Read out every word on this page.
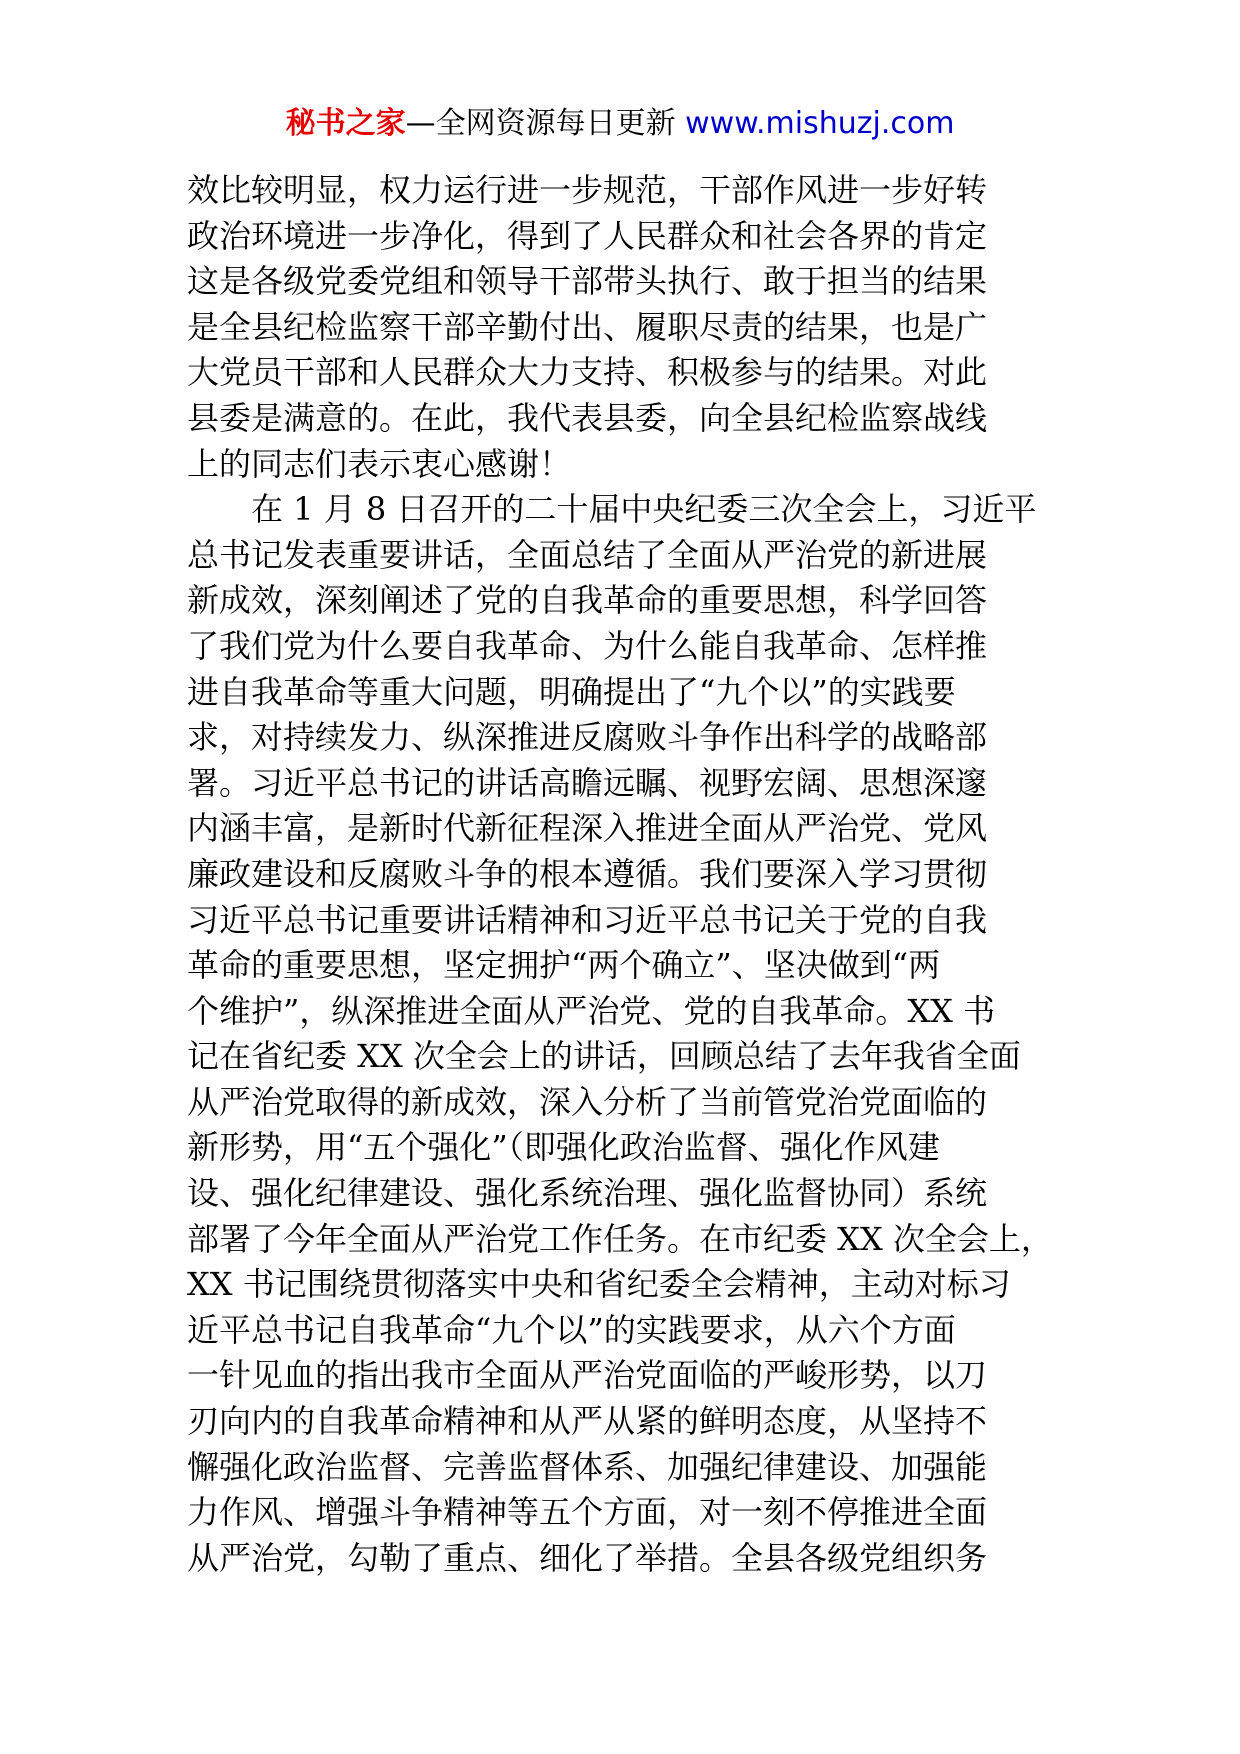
秘书之家—全网资源每日更新 www.mishuzj.com
效比较明显，权力运行进一步规范，干部作风进一步好转
政治环境进一步净化，得到了人民群众和社会各界的肯定
这是各级党委党组和领导干部带头执行、敢于担当的结果
是全县纪检监察干部辛勤付出、履职尽责的结果，也是广
大党员干部和人民群众大力支持、积极参与的结果。对此
县委是满意的。在此，我代表县委，向全县纪检监察战线
上的同志们表示衷心感谢！
在 1 月 8 日召开的二十届中央纪委三次全会上，习近平
总书记发表重要讲话，全面总结了全面从严治党的新进展
新成效，深刻阐述了党的自我革命的重要思想，科学回答
了我们党为什么要自我革命、为什么能自我革命、怎样推
进自我革命等重大问题，明确提出了“九个以”的实践要
求，对持续发力、纵深推进反腐败斗争作出科学的战略部
署。习近平总书记的讲话高瞻远瞩、视野宏阔、思想深邃
内涵丰富，是新时代新征程深入推进全面从严治党、党风
廉政建设和反腐败斗争的根本遵循。我们要深入学习贯彻
习近平总书记重要讲话精神和习近平总书记关于党的自我
革命的重要思想，坚定拥护“两个确立”、坚决做到“两
个维护”，纵深推进全面从严治党、党的自我革命。XX 书
记在省纪委 XX 次全会上的讲话，回顾总结了去年我省全面
从严治党取得的新成效，深入分析了当前管党治党面临的
新形势，用“五个强化”（即强化政治监督、强化作风建
设、强化纪律建设、强化系统治理、强化监督协同）系统
部署了今年全面从严治党工作任务。在市纪委 XX 次全会上，
XX 书记围绕贯彻落实中央和省纪委全会精神，主动对标习
近平总书记自我革命“九个以”的实践要求，从六个方面
一针见血的指出我市全面从严治党面临的严峻形势，以刀
刃向内的自我革命精神和从严从紧的鲜明态度，从坚持不
懈强化政治监督、完善监督体系、加强纪律建设、加强能
力作风、增强斗争精神等五个方面，对一刻不停推进全面
从严治党，勾勒了重点、细化了举措。全县各级党组织务
